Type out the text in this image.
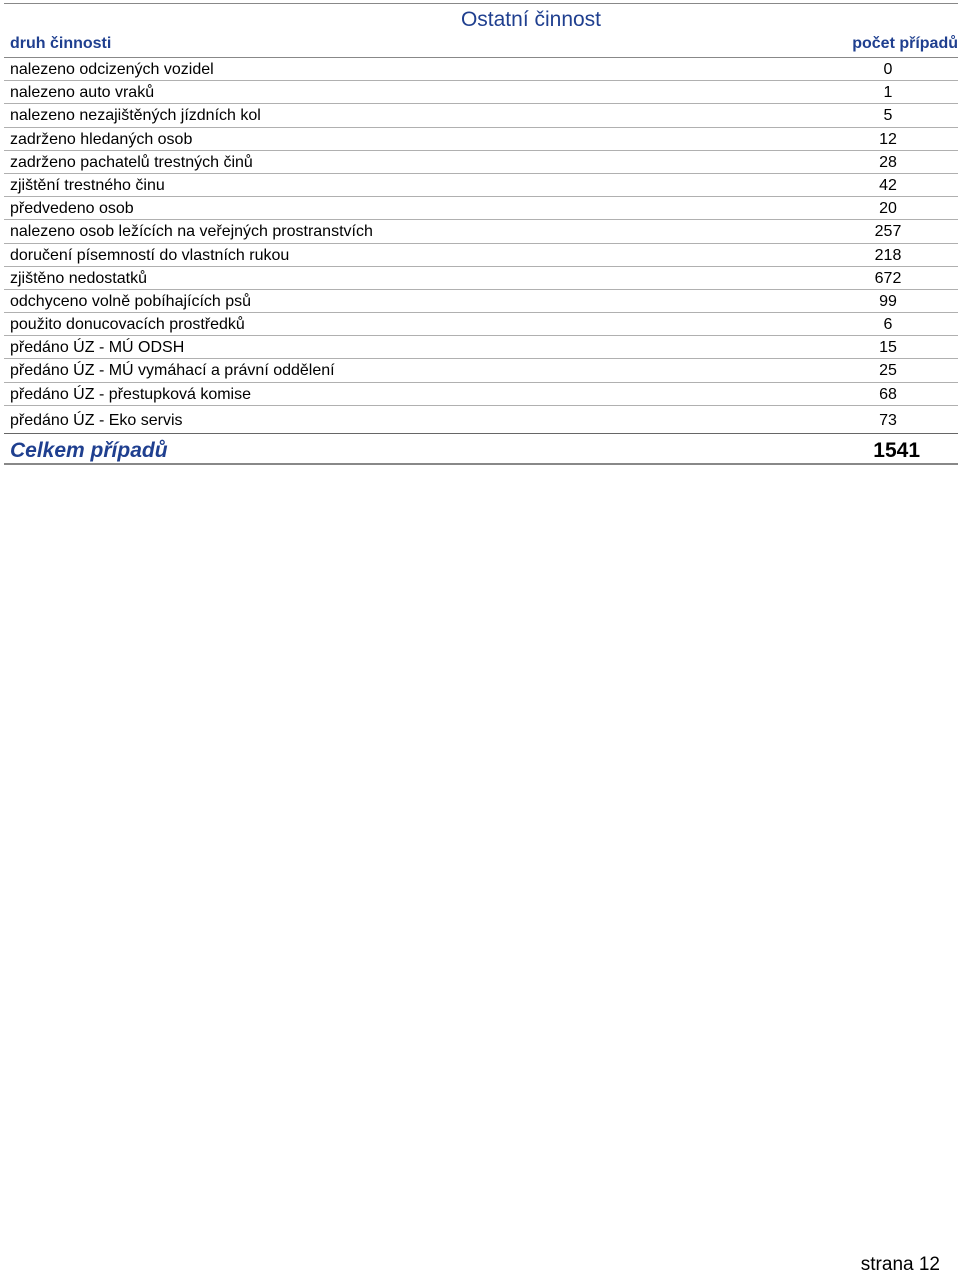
Ostatní činnost
druh činnosti	počet případů
nalezeno odcizených vozidel	0
nalezeno auto vraků	1
nalezeno nezajištěných jízdních kol	5
zadrženo hledaných osob	12
zadrženo pachatelů trestných činů	28
zjištění trestného činu	42
předvedeno osob	20
nalezeno osob ležících na veřejných prostranstvích	257
doručení písemností do vlastních rukou	218
zjištěno nedostatků	672
odchyceno volně pobíhajících psů	99
použito donucovacích prostředků	6
předáno ÚZ - MÚ ODSH	15
předáno ÚZ - MÚ vymáhací a právní oddělení	25
předáno ÚZ - přestupková komise	68
předáno ÚZ - Eko servis	73
Celkem případů	1541
strana 12
